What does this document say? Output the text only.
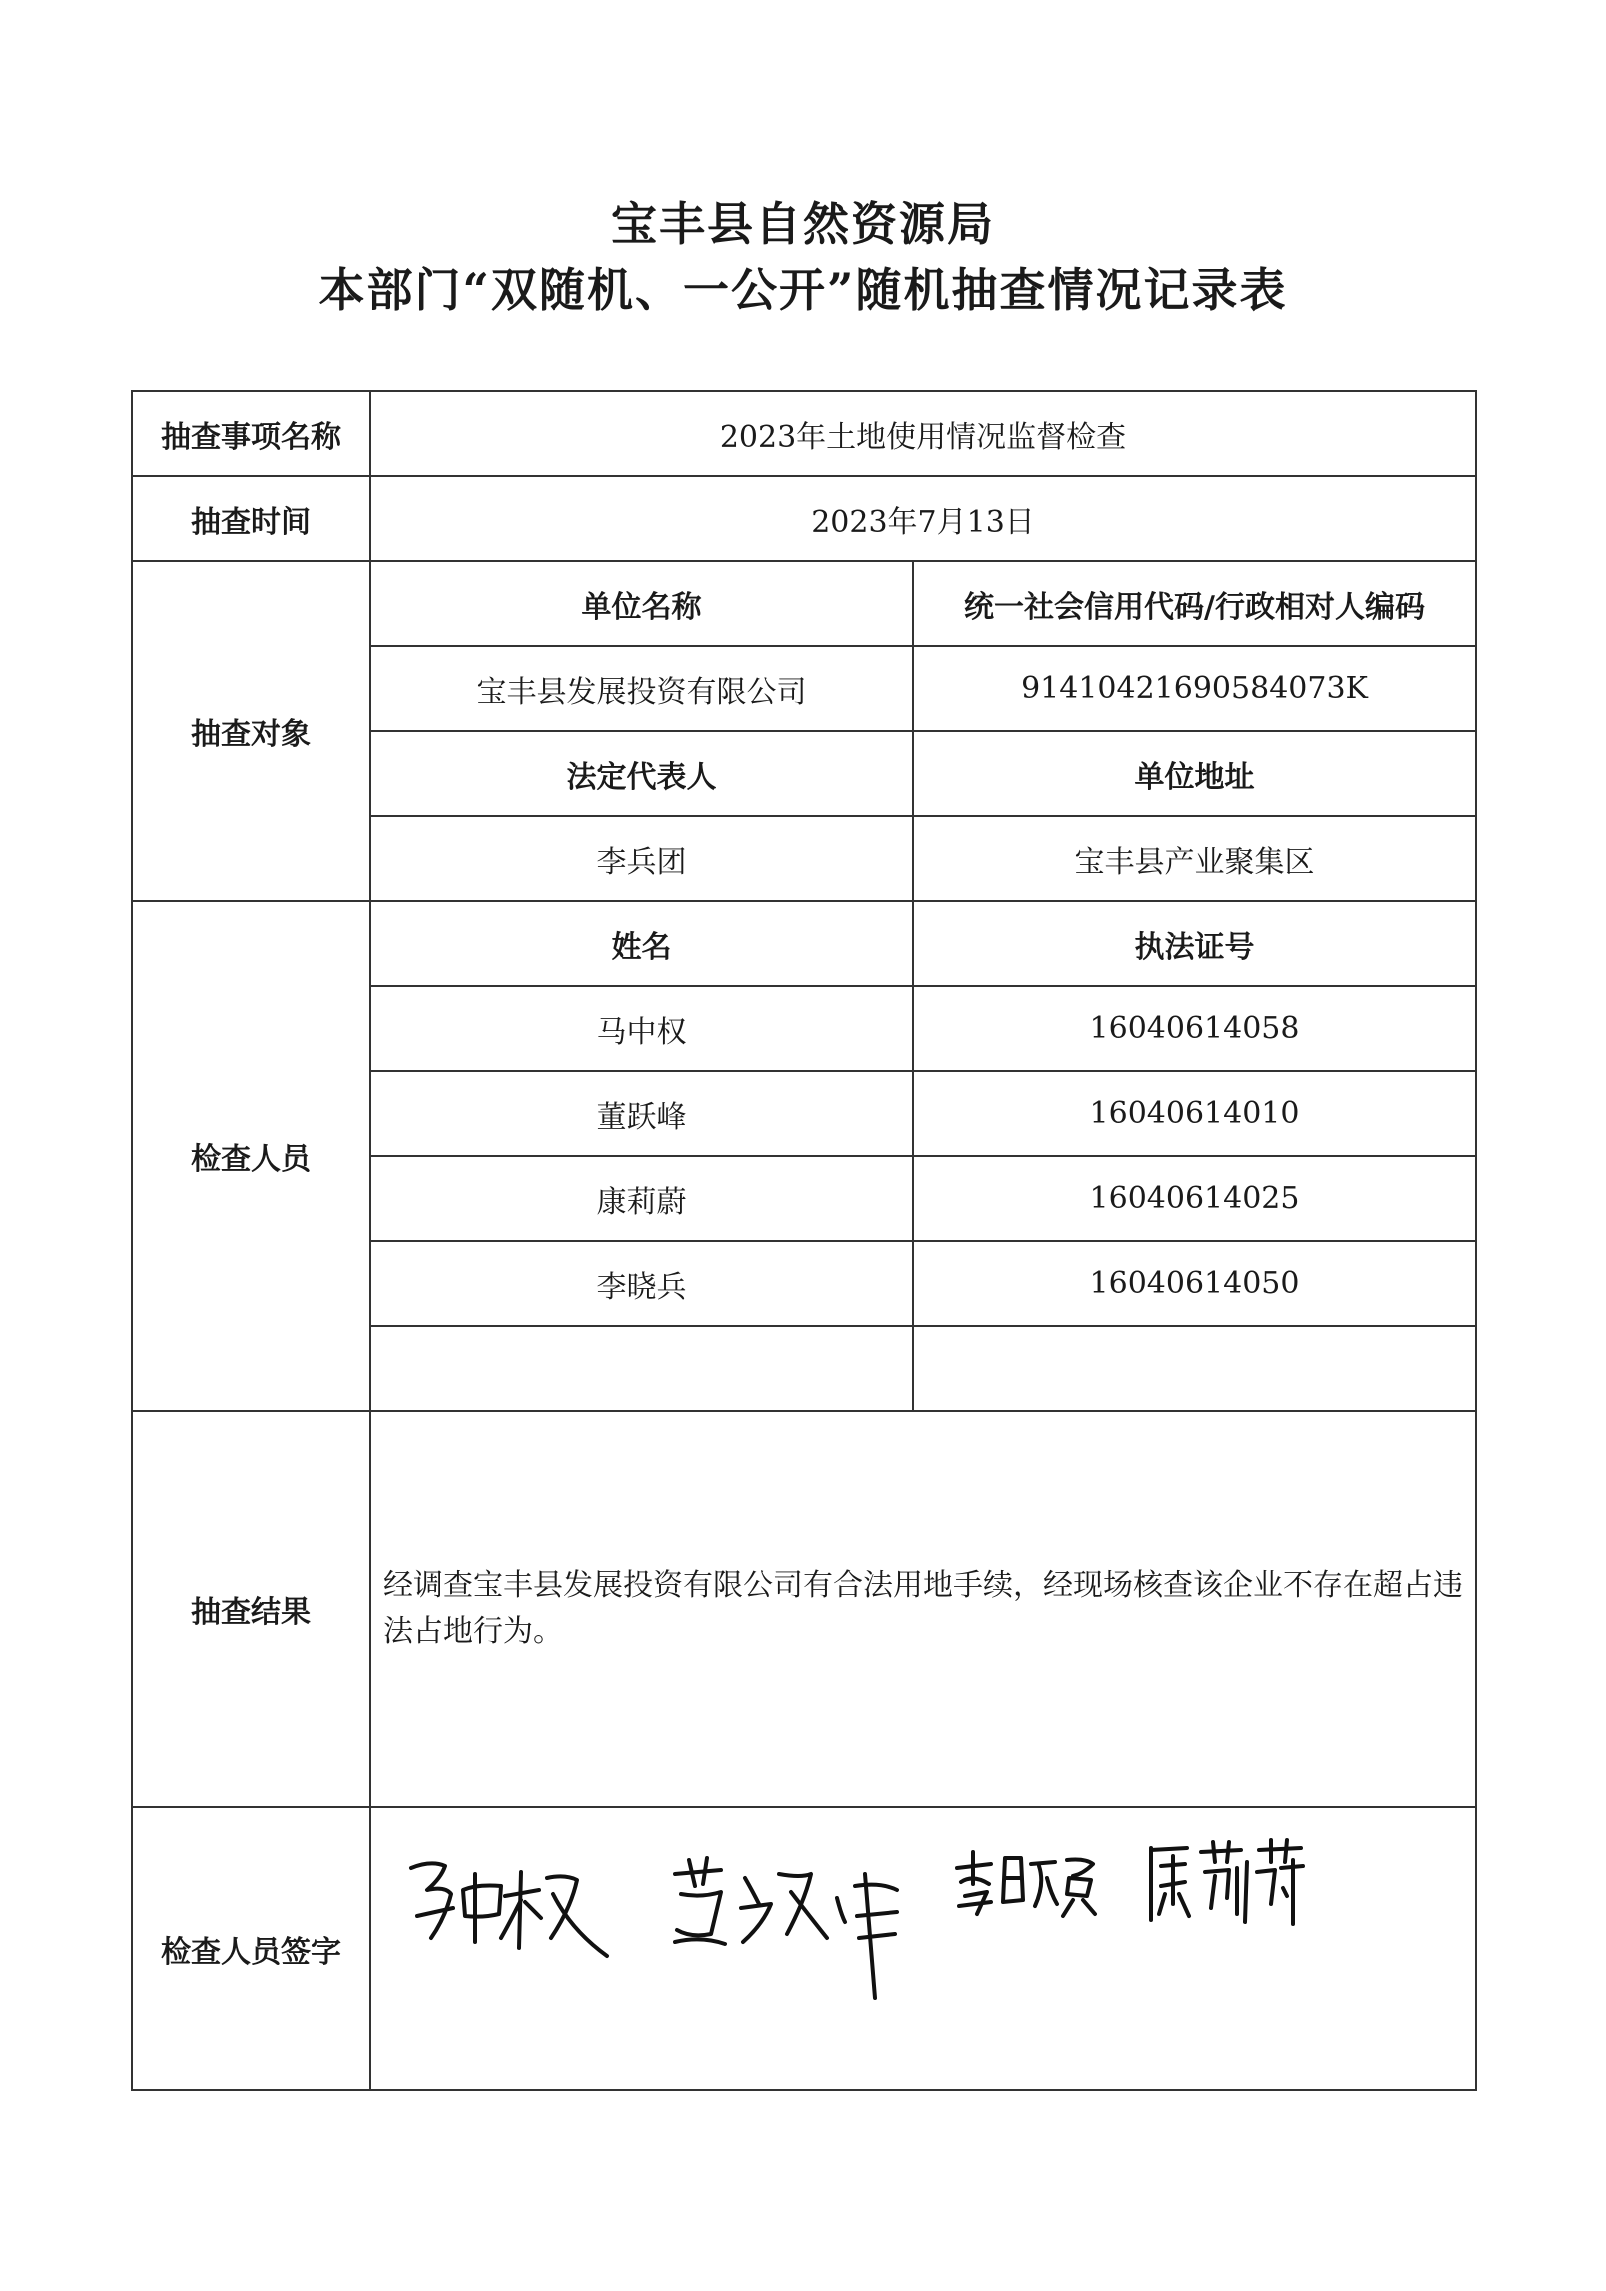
宝丰县自然资源局
本部门“双随机、一公开”随机抽查情况记录表
抽查事项名称	2023年土地使用情况监督检查	
抽查时间	2023年7月13日	
抽查对象	单位名称	统一社会信用代码/行政相对人编码
	宝丰县发展投资有限公司	91410421690584073K
	法定代表人	单位地址
	李兵团	宝丰县产业聚集区
检查人员	姓名	执法证号
	马中权	16040614058
	董跃峰	16040614010
	康莉蔚	16040614025
	李晓兵	16040614050

抽查结果	经调查宝丰县发展投资有限公司有合法用地手续，经现场核查该企业不存在超占违法占地行为。	
检查人员签字	
